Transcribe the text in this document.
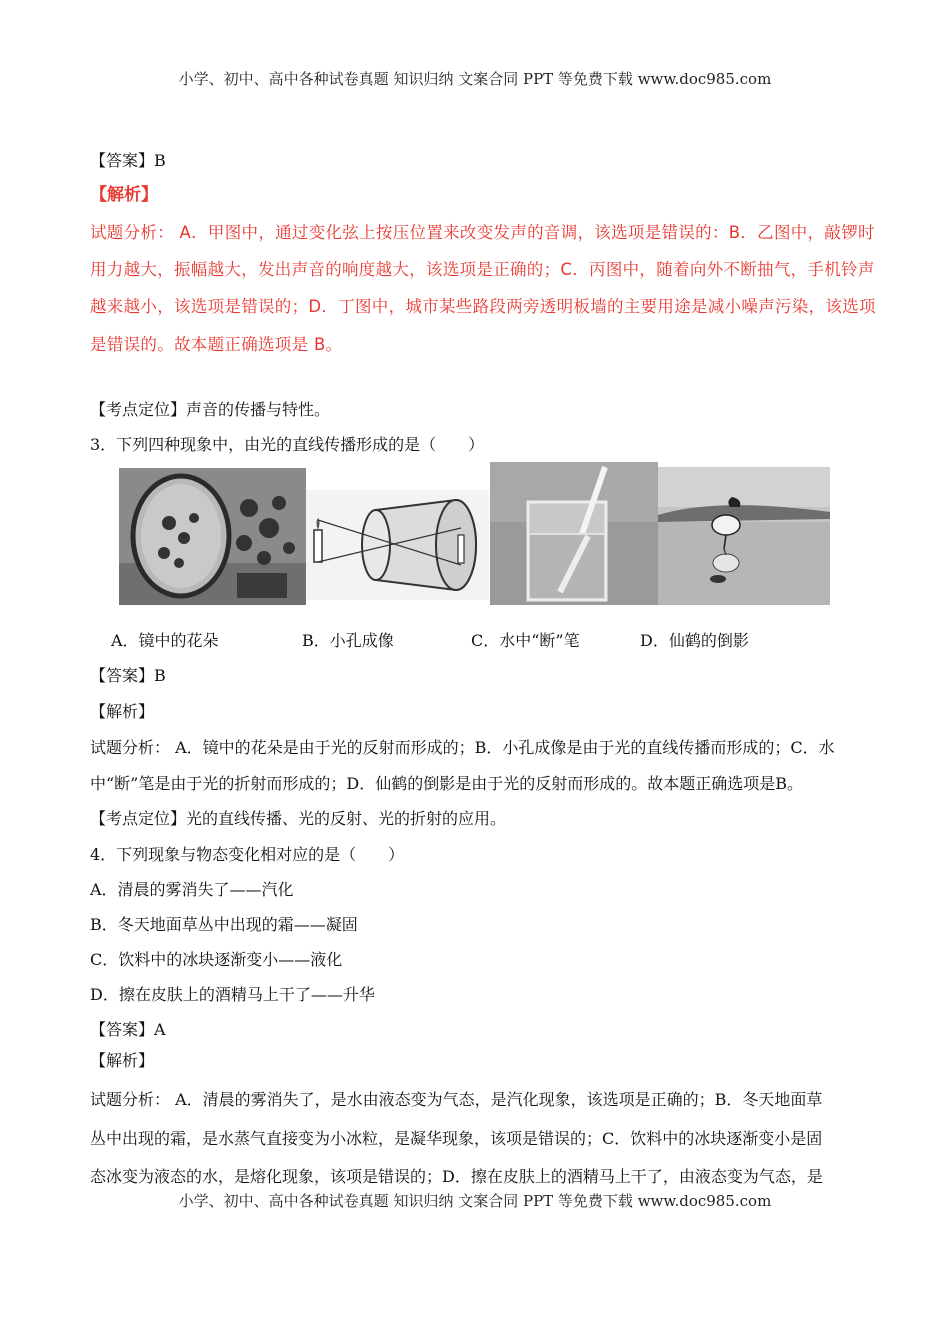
小学、初中、高中各种试卷真题 知识归纳 文案合同 PPT 等免费下载 www.doc985.com
【答案】B
【解析】
试题分析： A．甲图中，通过变化弦上按压位置来改变发声的音调，该选项是错误的：B．乙图中，敲锣时
用力越大，振幅越大，发出声音的响度越大，该选项是正确的；C．丙图中，随着向外不断抽气，手机铃声
越来越小，该选项是错误的；D．丁图中，城市某些路段两旁透明板墙的主要用途是减小噪声污染，该选项
是错误的。故本题正确选项是 B。
【考点定位】声音的传播与特性。
3．下列四种现象中，由光的直线传播形成的是（　　）
A．镜中的花朵	B．小孔成像	C．水中“断”笔	D．仙鹤的倒影
【答案】B
【解析】
试题分析： A．镜中的花朵是由于光的反射而形成的；B．小孔成像是由于光的直线传播而形成的；C．水
中“断”笔是由于光的折射而形成的；D．仙鹤的倒影是由于光的反射而形成的。故本题正确选项是B。
【考点定位】光的直线传播、光的反射、光的折射的应用。
4．下列现象与物态变化相对应的是（　　）
A．清晨的雾消失了——汽化
B．冬天地面草丛中出现的霜——凝固
C．饮料中的冰块逐渐变小——液化
D．擦在皮肤上的酒精马上干了——升华
【答案】A
【解析】
试题分析： A．清晨的雾消失了，是水由液态变为气态，是汽化现象，该选项是正确的；B．冬天地面草
丛中出现的霜，是水蒸气直接变为小冰粒，是凝华现象，该项是错误的；C．饮料中的冰块逐渐变小是固
态冰变为液态的水，是熔化现象，该项是错误的；D．擦在皮肤上的酒精马上干了，由液态变为气态，是
小学、初中、高中各种试卷真题 知识归纳 文案合同 PPT 等免费下载 www.doc985.com
